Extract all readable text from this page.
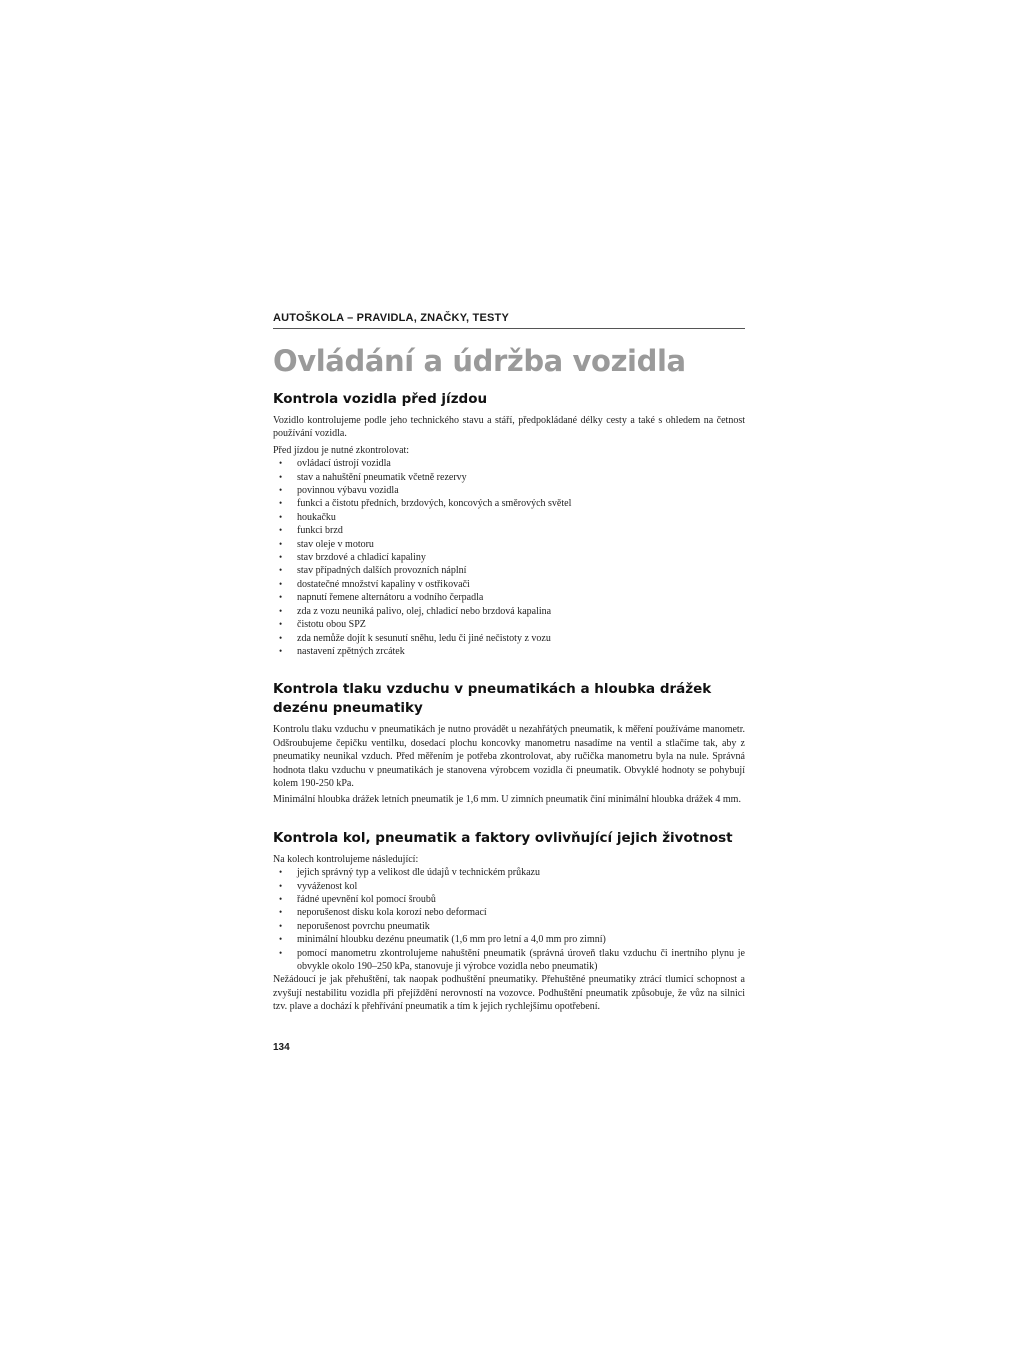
AUTOŠKOLA – PRAVIDLA, ZNAČKY, TESTY
Ovládání a údržba vozidla
Kontrola vozidla před jízdou

Vozidlo kontrolujeme podle jeho technického stavu a stáří, předpokládané délky cesty a také s ohledem na četnost používání vozidla.

Před jízdou je nutné zkontrolovat:

• ovládací ústrojí vozidla
• stav a nahuštění pneumatik včetně rezervy
• povinnou výbavu vozidla
• funkci a čistotu předních, brzdových, koncových a směrových světel
• houkačku
• funkci brzd
• stav oleje v motoru
• stav brzdové a chladicí kapaliny
• stav případných dalších provozních náplní
• dostatečné množství kapaliny v ostřikovači
• napnutí řemene alternátoru a vodního čerpadla
• zda z vozu neuniká palivo, olej, chladicí nebo brzdová kapalina
• čistotu obou SPZ
• zda nemůže dojít k sesunutí sněhu, ledu či jiné nečistoty z vozu
• nastavení zpětných zrcátek
Kontrola tlaku vzduchu v pneumatikách a hloubka drážek dezénu pneumatiky

Kontrolu tlaku vzduchu v pneumatikách je nutno provádět u nezahřátých pneumatik, k měření používáme manometr. Odšroubujeme čepičku ventilku, dosedací plochu koncovky manometru nasadíme na ventil a stlačíme tak, aby z pneumatiky neunikal vzduch. Před měřením je potřeba zkontrolovat, aby ručička manometru byla na nule. Správná hodnota tlaku vzduchu v pneumatikách je stanovena výrobcem vozidla či pneumatik. Obvyklé hodnoty se pohybují kolem 190-250 kPa.

Minimální hloubka drážek letních pneumatik je 1,6 mm. U zimních pneumatik činí minimální hloubka drážek 4 mm.

Kontrola kol, pneumatik a faktory ovlivňující jejich životnost

Na kolech kontrolujeme následující:

• jejich správný typ a velikost dle údajů v technickém průkazu
• vyváženost kol
• řádné upevnění kol pomocí šroubů
• neporušenost disku kola korozí nebo deformací
• neporušenost povrchu pneumatik
• minimální hloubku dezénu pneumatik (1,6 mm pro letní a 4,0 mm pro zimní)
• pomocí manometru zkontrolujeme nahuštění pneumatik (správná úroveň tlaku vzduchu či inertního plynu je obvykle okolo 190–250 kPa, stanovuje ji výrobce vozidla nebo pneumatik)

Nežádoucí je jak přehuštění, tak naopak podhuštění pneumatiky. Přehuštěné pneumatiky ztrácí tlumicí schopnost a zvyšují nestabilitu vozidla při přejíždění nerovností na vozovce. Podhuštění pneumatik způsobuje, že vůz na silnici tzv. plave a dochází k přehřívání pneumatik a tím k jejich rychlejšímu opotřebení.

134
